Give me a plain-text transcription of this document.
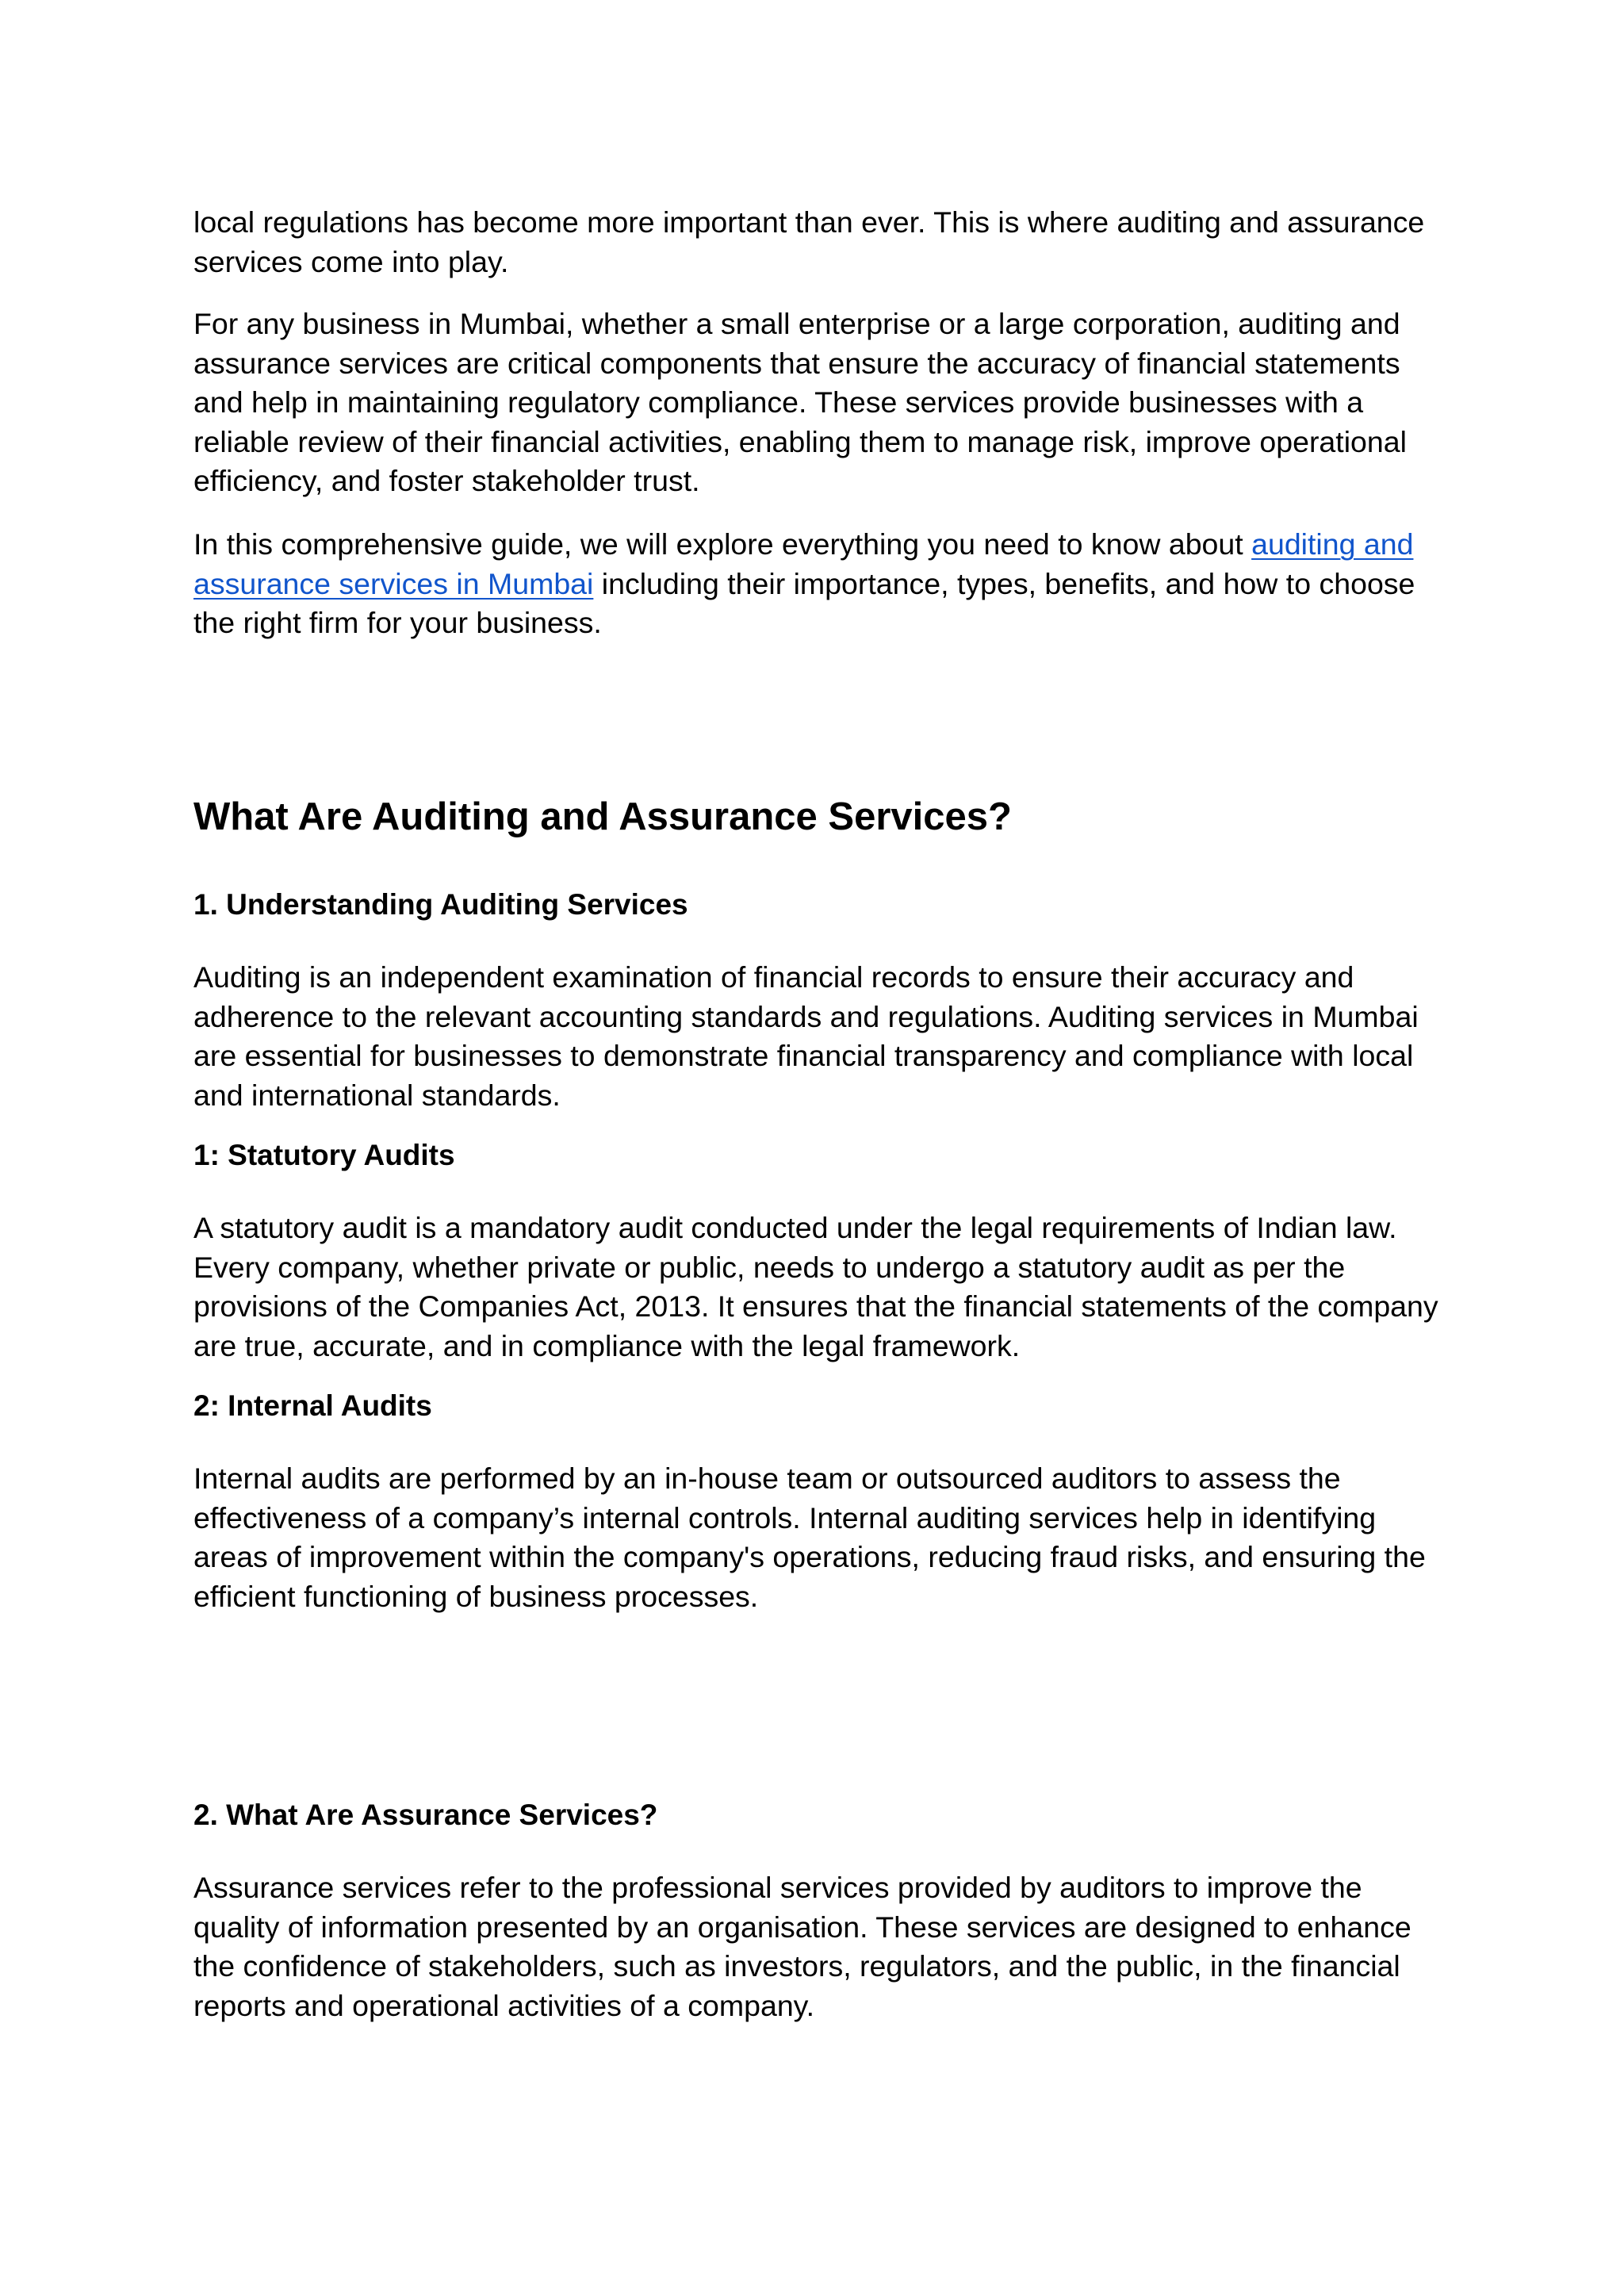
local regulations has become more important than ever. This is where auditing and assurance services come into play.

For any business in Mumbai, whether a small enterprise or a large corporation, auditing and assurance services are critical components that ensure the accuracy of financial statements and help in maintaining regulatory compliance. These services provide businesses with a reliable review of their financial activities, enabling them to manage risk, improve operational efficiency, and foster stakeholder trust.

In this comprehensive guide, we will explore everything you need to know about auditing and assurance services in Mumbai including their importance, types, benefits, and how to choose the right firm for your business.

What Are Auditing and Assurance Services?
1. Understanding Auditing Services

Auditing is an independent examination of financial records to ensure their accuracy and adherence to the relevant accounting standards and regulations. Auditing services in Mumbai are essential for businesses to demonstrate financial transparency and compliance with local and international standards.

1: Statutory Audits

A statutory audit is a mandatory audit conducted under the legal requirements of Indian law. Every company, whether private or public, needs to undergo a statutory audit as per the provisions of the Companies Act, 2013. It ensures that the financial statements of the company are true, accurate, and in compliance with the legal framework.

2: Internal Audits

Internal audits are performed by an in-house team or outsourced auditors to assess the effectiveness of a company’s internal controls. Internal auditing services help in identifying areas of improvement within the company's operations, reducing fraud risks, and ensuring the efficient functioning of business processes.

2. What Are Assurance Services?

Assurance services refer to the professional services provided by auditors to improve the quality of information presented by an organisation. These services are designed to enhance the confidence of stakeholders, such as investors, regulators, and the public, in the financial reports and operational activities of a company.
